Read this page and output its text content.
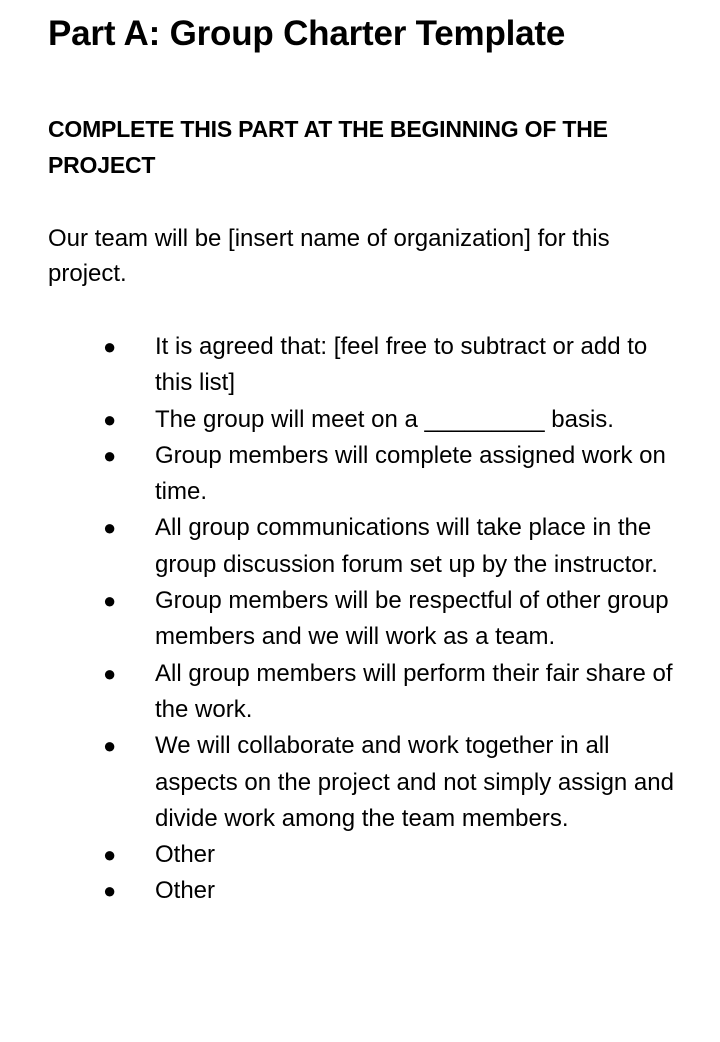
Part A: Group Charter Template

COMPLETE THIS PART AT THE BEGINNING OF THE PROJECT

Our team will be [insert name of organization] for this project.

● It is agreed that: [feel free to subtract or add to this list]
● The group will meet on a _________ basis.
● Group members will complete assigned work on time.
● All group communications will take place in the group discussion forum set up by the instructor.
● Group members will be respectful of other group members and we will work as a team.
● All group members will perform their fair share of the work.
● We will collaborate and work together in all aspects on the project and not simply assign and divide work among the team members.
● Other
● Other
